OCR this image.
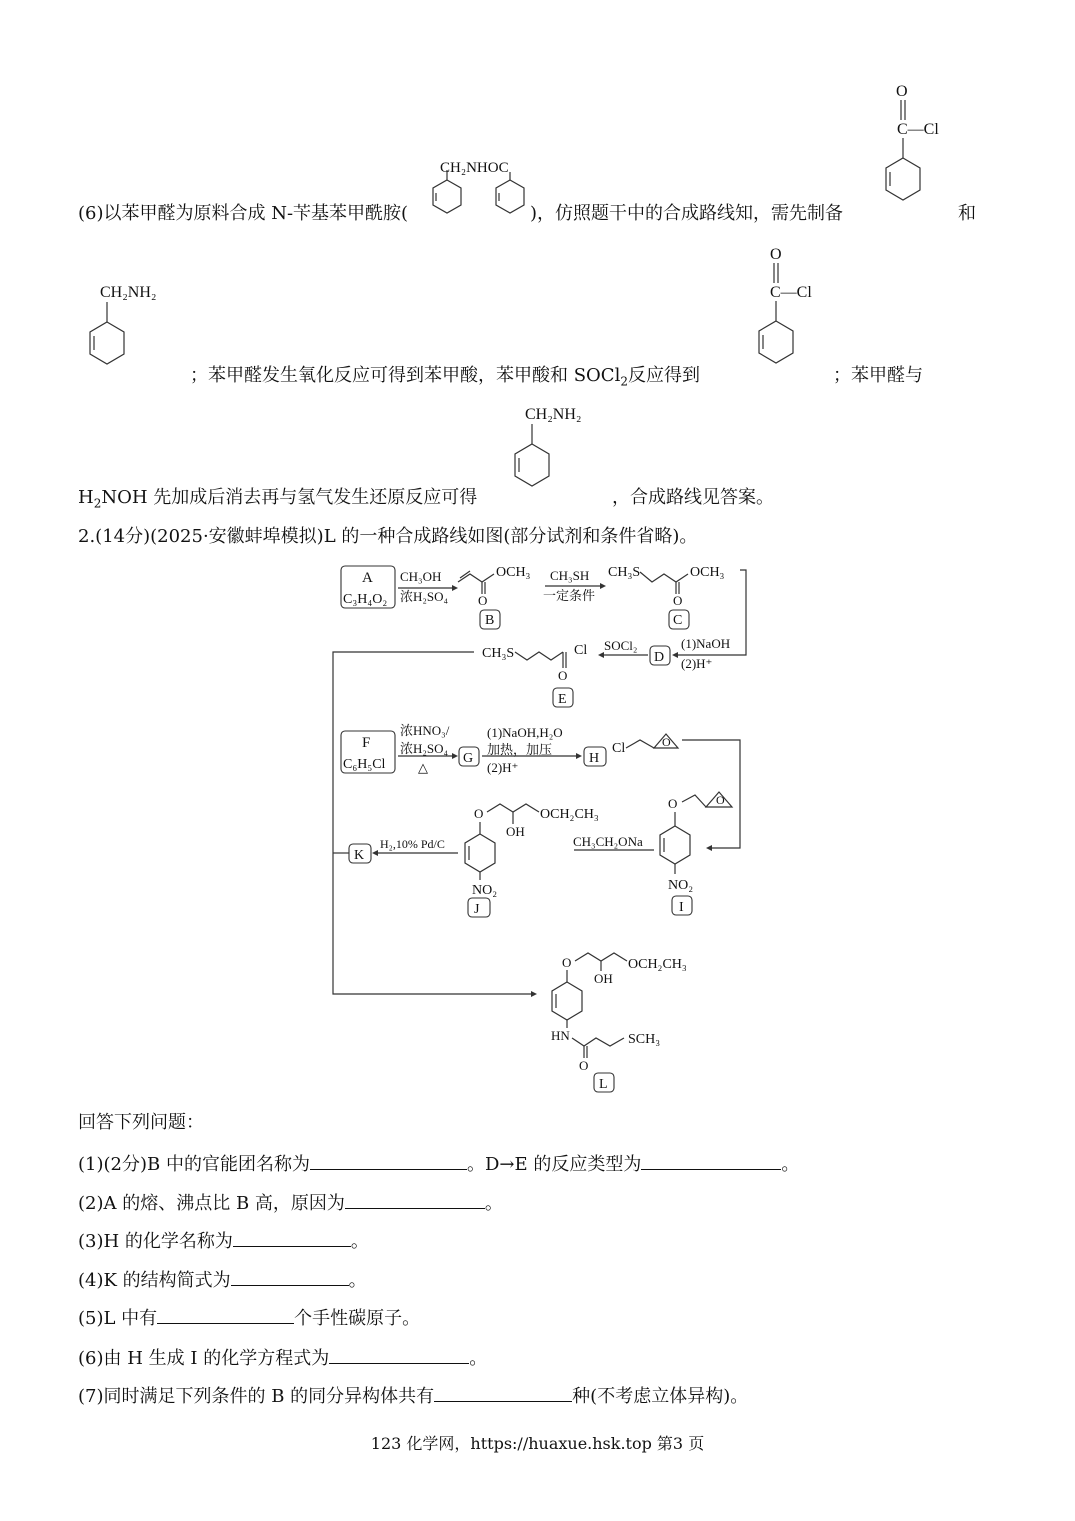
(6)以苯甲醛为原料合成 N-苄基苯甲酰胺(	)，仿照题干中的合成路线知，需先制备	和
；苯甲醛发生氧化反应可得到苯甲酸，苯甲酸和 SOCl$_2$反应得到	；苯甲醛与
$H_2NOH$ 先加成后消去再与氢气发生还原反应可得	，合成路线见答案。
CH₂NHOC
O
C—Cl
CH₂NH₂
O
C—Cl
CH₂NH₂
2.(14分)(2025·安徽蚌埠模拟)L 的一种合成路线如图(部分试剂和条件省略)。
A
C₃H₄O₂
CH₃OH
浓H₂SO₄ O
OCH₃
B
CH₃SH
一定条件
CH₃S
O
OCH₃
C
(1)NaOH
(2)H⁺
D
SOCl₂
CH₃S
O
Cl
E
F
C₆H₅Cl
浓HNO₃/
浓H₂SO₄
△
G
(1)NaOH,H₂O
加热，加压
(2)H⁺
H
Cl	O
O	O
NO₂
I
CH₃CH₂ONa
O
OH
OCH₂CH₃
NO₂
J
H₂,10% Pd/C
K
O
OH
OCH₂CH₃
HN
O
SCH₃
L
回答下列问题：
(1)(2分)B 中的官能团名称为	。D→E 的反应类型为	。
(2)A 的熔、沸点比 B 高，原因为	。
(3)H 的化学名称为	。
(4)K 的结构简式为	。
(5)L 中有	个手性碳原子。
(6)由 H 生成 I 的化学方程式为	。
(7)同时满足下列条件的 B 的同分异构体共有	种(不考虑立体异构)。
123 化学网，https://huaxue.hsk.top 第3 页
